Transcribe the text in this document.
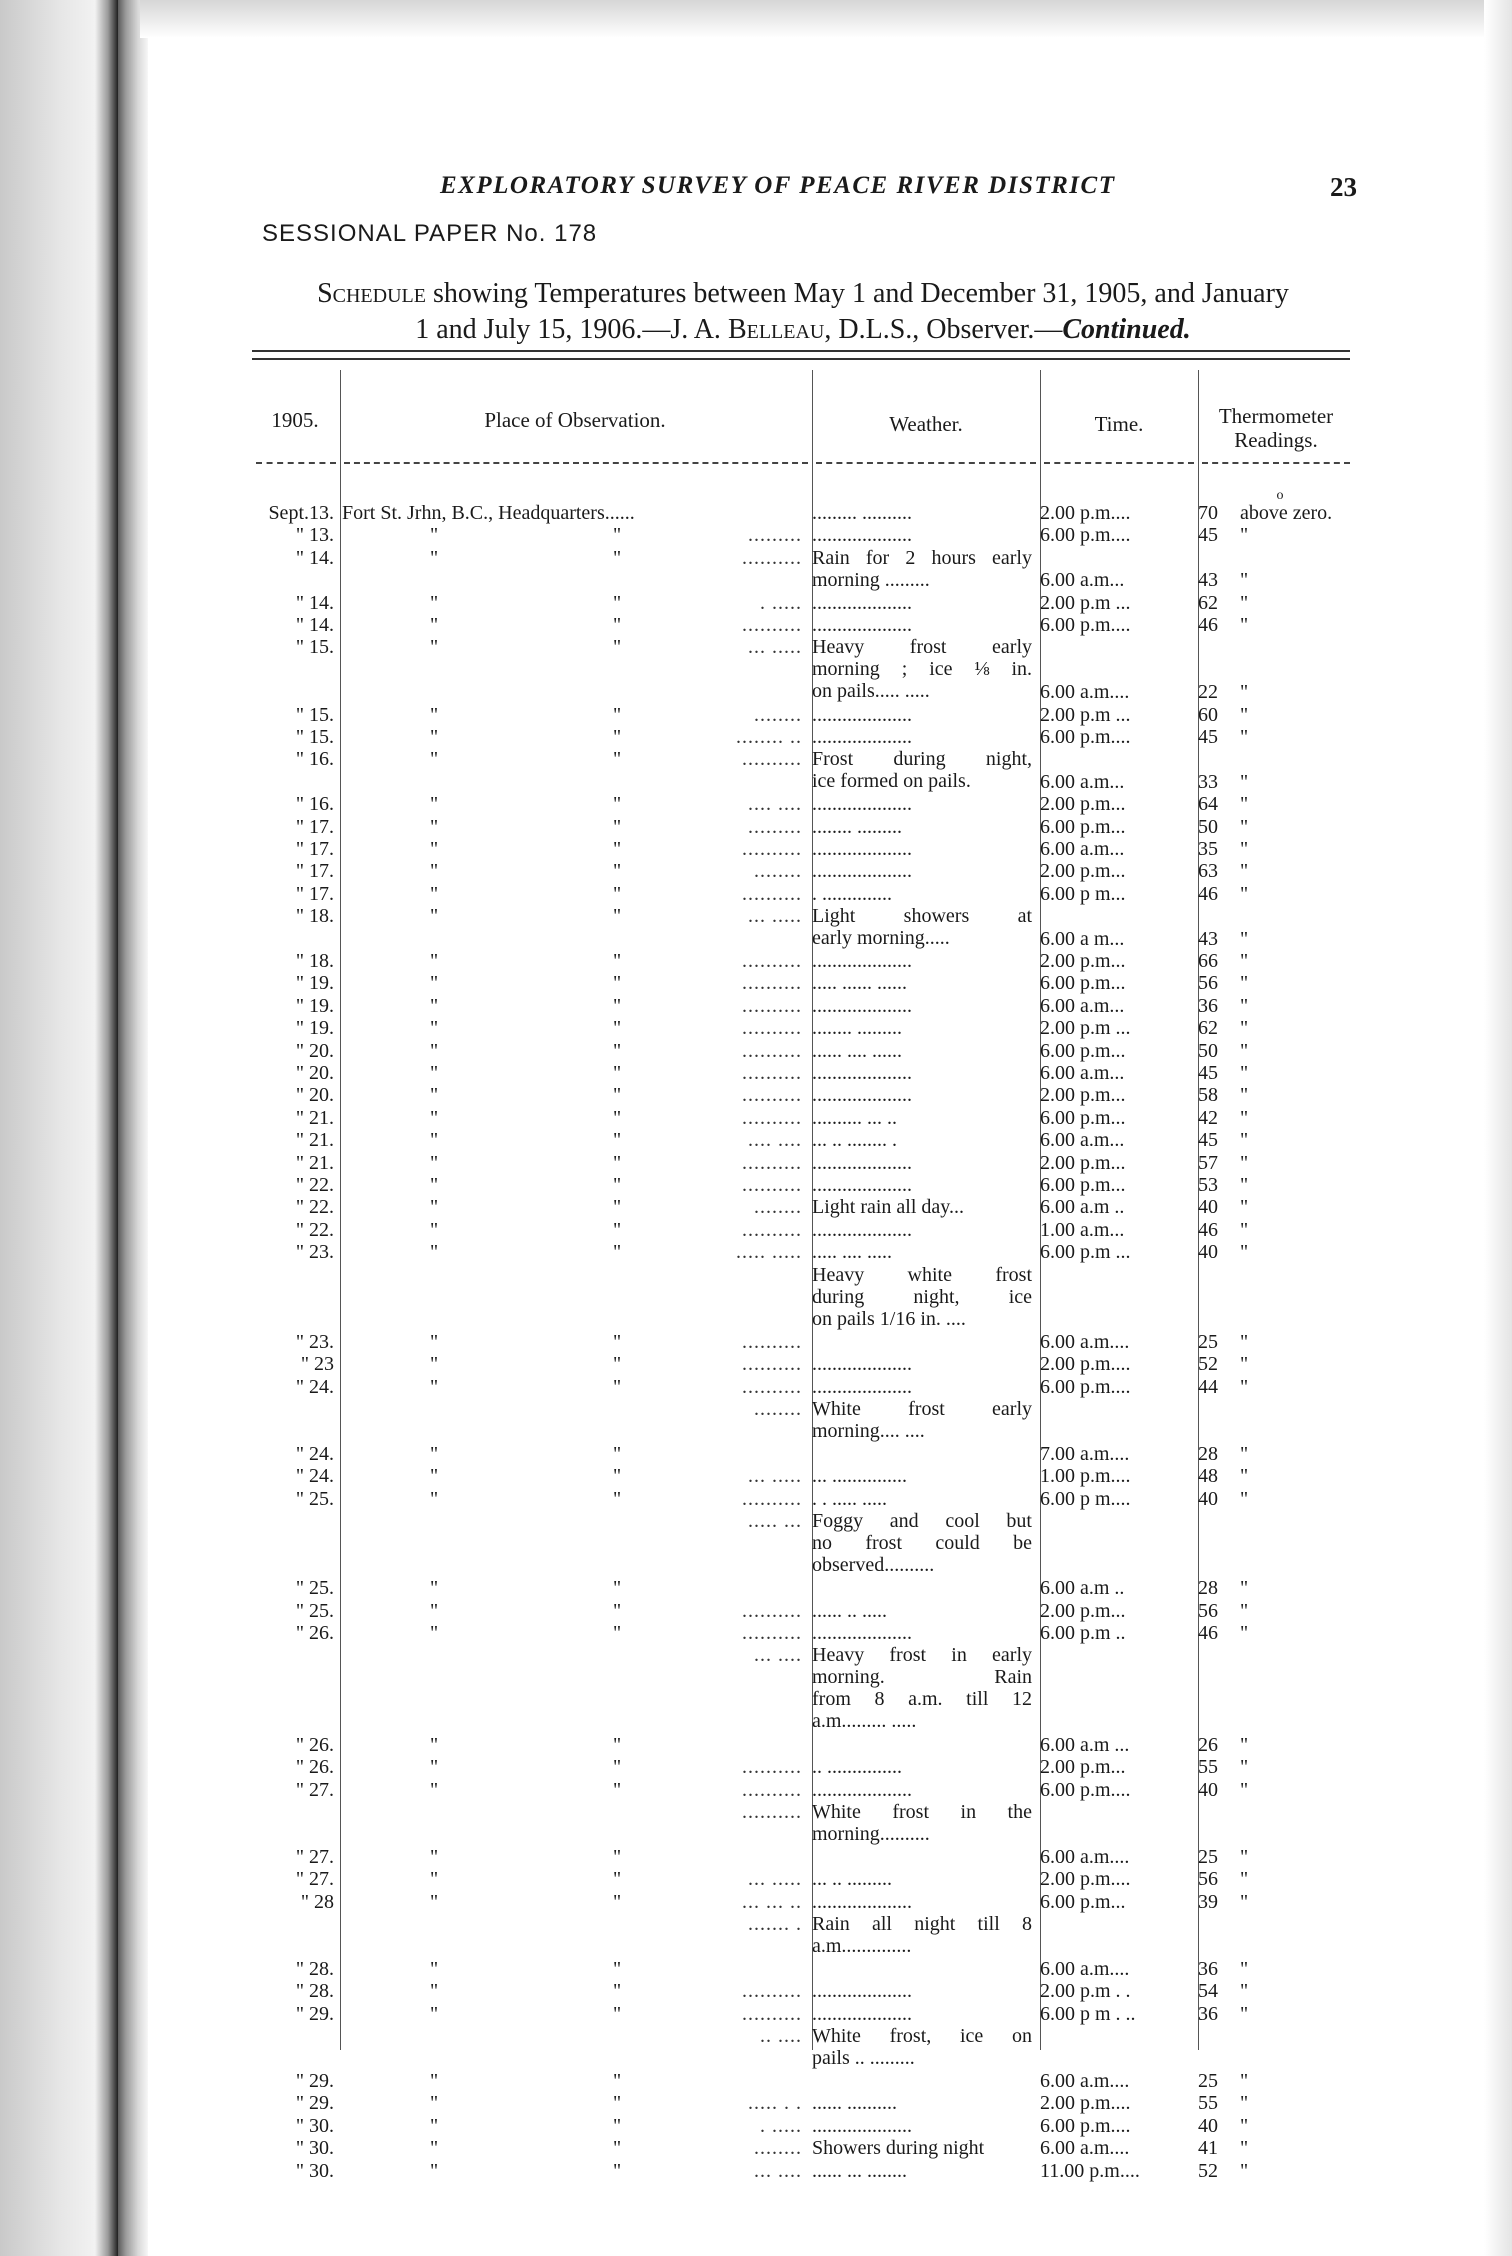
EXPLORATORY SURVEY OF PEACE RIVER DISTRICT	23
SESSIONAL PAPER No. 178
Schedule showing Temperatures between May 1 and December 31, 1905, and January
1 and July 15, 1906.—J. A. Belleau, D.L.S., Observer.—Continued.
1905.	Place of Observation.	Weather.	Time.	Thermometer
Readings.
o
Sept.13. Fort St. Jrhn, B.C., Headquarters......	......... ..........	2.00 p.m....	70	above zero.
" 13.	"	"	......... ....................	6.00 p.m....	45	"
" 14.	"	"	.......... Rain for 2 hours early
morning .........	6.00 a.m...	43	"
" 14.	"	"	. ..... ....................	2.00 p.m ...	62	"
" 14.	"	"	.......... ....................	6.00 p.m....	46	"
" 15.	"	"	... ..... Heavy frost early
morning ; ice ⅛ in.
on pails..... .....	6.00 a.m....	22	"
" 15.	"	"	........ ....................	2.00 p.m ...	60	"
" 15.	"	"	........ .. ....................	6.00 p.m....	45	"
" 16.	"	"	.......... Frost during night,
ice formed on pails.	6.00 a.m...	33	"
" 16.	"	"	.... .... ....................	2.00 p.m...	64	"
" 17.	"	"	......... ........ .........	6.00 p.m...	50	"
" 17.	"	"	.......... ....................	6.00 a.m...	35	"
" 17.	"	"	........ ....................	2.00 p.m...	63	"
" 17.	"	"	.......... . ..............	6.00 p m...	46	"
" 18.	"	"	... ..... Light showers at
early morning.....	6.00 a m...	43	"
" 18.	"	"	.......... ....................	2.00 p.m...	66	"
" 19.	"	"	.......... ..... ...... ......	6.00 p.m...	56	"
" 19.	"	"	.......... ....................	6.00 a.m...	36	"
" 19.	"	"	.......... ........ .........	2.00 p.m ...	62	"
" 20.	"	"	.......... ...... .... ......	6.00 p.m...	50	"
" 20.	"	"	.......... ....................	6.00 a.m...	45	"
" 20.	"	"	.......... ....................	2.00 p.m...	58	"
" 21.	"	"	.......... .......... ... ..	6.00 p.m...	42	"
" 21.	"	"	.... .... ... .. ........ .	6.00 a.m...	45	"
" 21.	"	"	.......... ....................	2.00 p.m...	57	"
" 22.	"	"	.......... ....................	6.00 p.m...	53	"
" 22.	"	"	........ Light rain all day...	6.00 a.m ..	40	"
" 22.	"	"	.......... ....................	1.00 a.m...	46	"
" 23.	"	"	..... ..... ..... .... .....	6.00 p.m ...	40	"
Heavy white frost
during night, ice
on pails 1/16 in. ....
" 23.	"	"	..........	6.00 a.m....	25	"
" 23	"	"	.......... ....................	2.00 p.m....	52	"
" 24.	"	"	.......... ....................	6.00 p.m....	44	"
........ White frost early
morning.... ....
" 24.	"	"	7.00 a.m....	28	"
" 24.	"	"	... ..... ... ...............	1.00 p.m....	48	"
" 25.	"	"	.......... . . ..... .....	6.00 p m....	40	"
..... ... Foggy and cool but
no frost could be
observed..........
" 25.	"	"	6.00 a.m ..	28	"
" 25.	"	"	.......... ...... .. .....	2.00 p.m...	56	"
" 26.	"	"	.......... ....................	6.00 p.m ..	46	"
... .... Heavy frost in early
morning. Rain
from 8 a.m. till 12
a.m......... .....
" 26.	"	"	6.00 a.m ...	26	"
" 26.	"	"	.......... .. ...............	2.00 p.m...	55	"
" 27.	"	"	.......... ....................	6.00 p.m....	40	"
.......... White frost in the
morning..........
" 27.	"	"	6.00 a.m....	25	"
" 27.	"	"	... ..... ... .. .........	2.00 p.m....	56	"
" 28	"	"	... ... .. ....................	6.00 p.m...	39	"
....... . Rain all night till 8
a.m..............
" 28.	"	"	6.00 a.m....	36	"
" 28.	"	"	.......... ....................	2.00 p.m . .	54	"
" 29.	"	"	.......... ....................	6.00 p m . ..	36	"
.. .... White frost, ice on
pails .. .........
" 29.	"	"	6.00 a.m....	25	"
" 29.	"	"	..... . . ...... ..........	2.00 p.m....	55	"
" 30.	"	"	. ..... ....................	6.00 p.m....	40	"
" 30.	"	"	........ Showers during night	6.00 a.m....	41	"
" 30.	"	"	... .... ...... ... ........	11.00 p.m....	52	"
